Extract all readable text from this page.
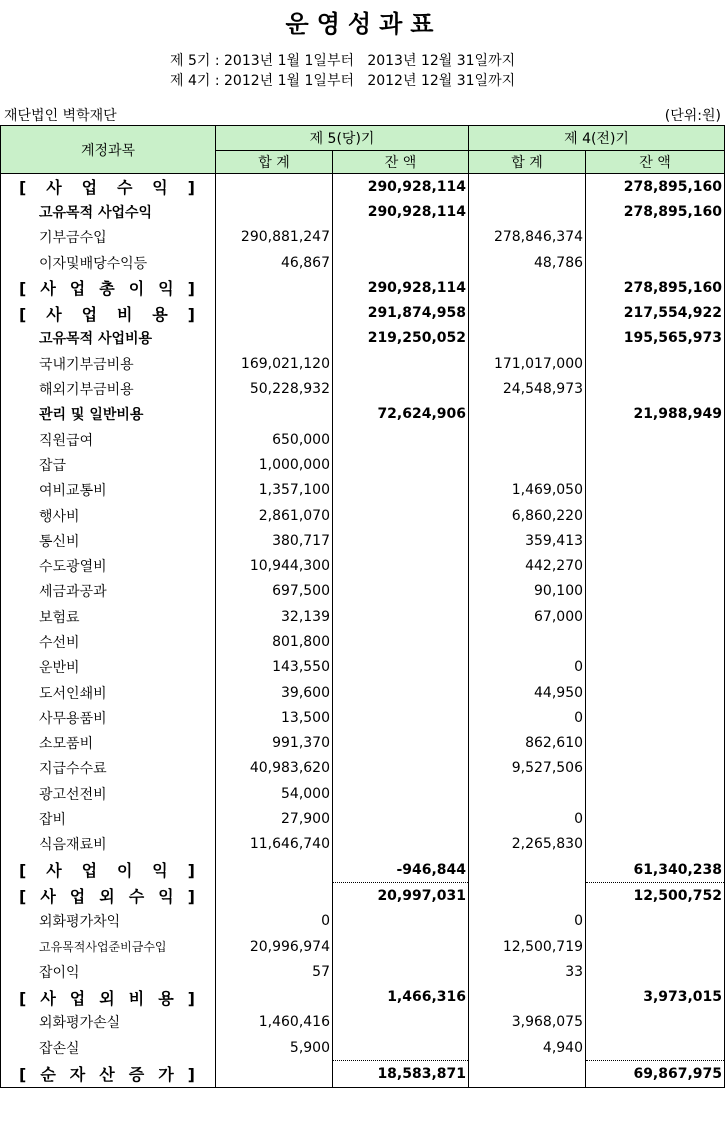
운영성과표
제 5기 : 2013년 1월 1일부터   2013년 12월 31일까지
제 4기 : 2012년 1월 1일부터   2012년 12월 31일까지
재단법인 벽학재단	(단위:원)
계정과목	제 5(당)기		제 4(전)기	
	합 계	잔 액	합 계	잔 액
[ 사 업 수 익 ]		290,928,114		278,895,160
고유목적 사업수익		290,928,114		278,895,160
기부금수입	290,881,247		278,846,374	
이자및배당수익등	46,867		48,786	
[ 사 업 총 이 익 ]		290,928,114		278,895,160
[ 사 업 비 용 ]		291,874,958		217,554,922
고유목적 사업비용		219,250,052		195,565,973
국내기부금비용	169,021,120		171,017,000	
해외기부금비용	50,228,932		24,548,973	
관리 및 일반비용		72,624,906		21,988,949
직원급여	650,000			
잡급	1,000,000			
여비교통비	1,357,100		1,469,050	
행사비	2,861,070		6,860,220	
통신비	380,717		359,413	
수도광열비	10,944,300		442,270	
세금과공과	697,500		90,100	
보험료	32,139		67,000	
수선비	801,800			
운반비	143,550		0	
도서인쇄비	39,600		44,950	
사무용품비	13,500		0	
소모품비	991,370		862,610	
지급수수료	40,983,620		9,527,506	
광고선전비	54,000			
잡비	27,900		0	
식음재료비	11,646,740		2,265,830	
[ 사 업 이 익 ]		-946,844		61,340,238
[ 사 업 외 수 익 ]		20,997,031		12,500,752
외화평가차익	0		0	
고유목적사업준비금수입	20,996,974		12,500,719	
잡이익	57		33	
[ 사 업 외 비 용 ]		1,466,316		3,973,015
외화평가손실	1,460,416		3,968,075	
잡손실	5,900		4,940	
[ 순 자 산 증 가 ]		18,583,871		69,867,975
